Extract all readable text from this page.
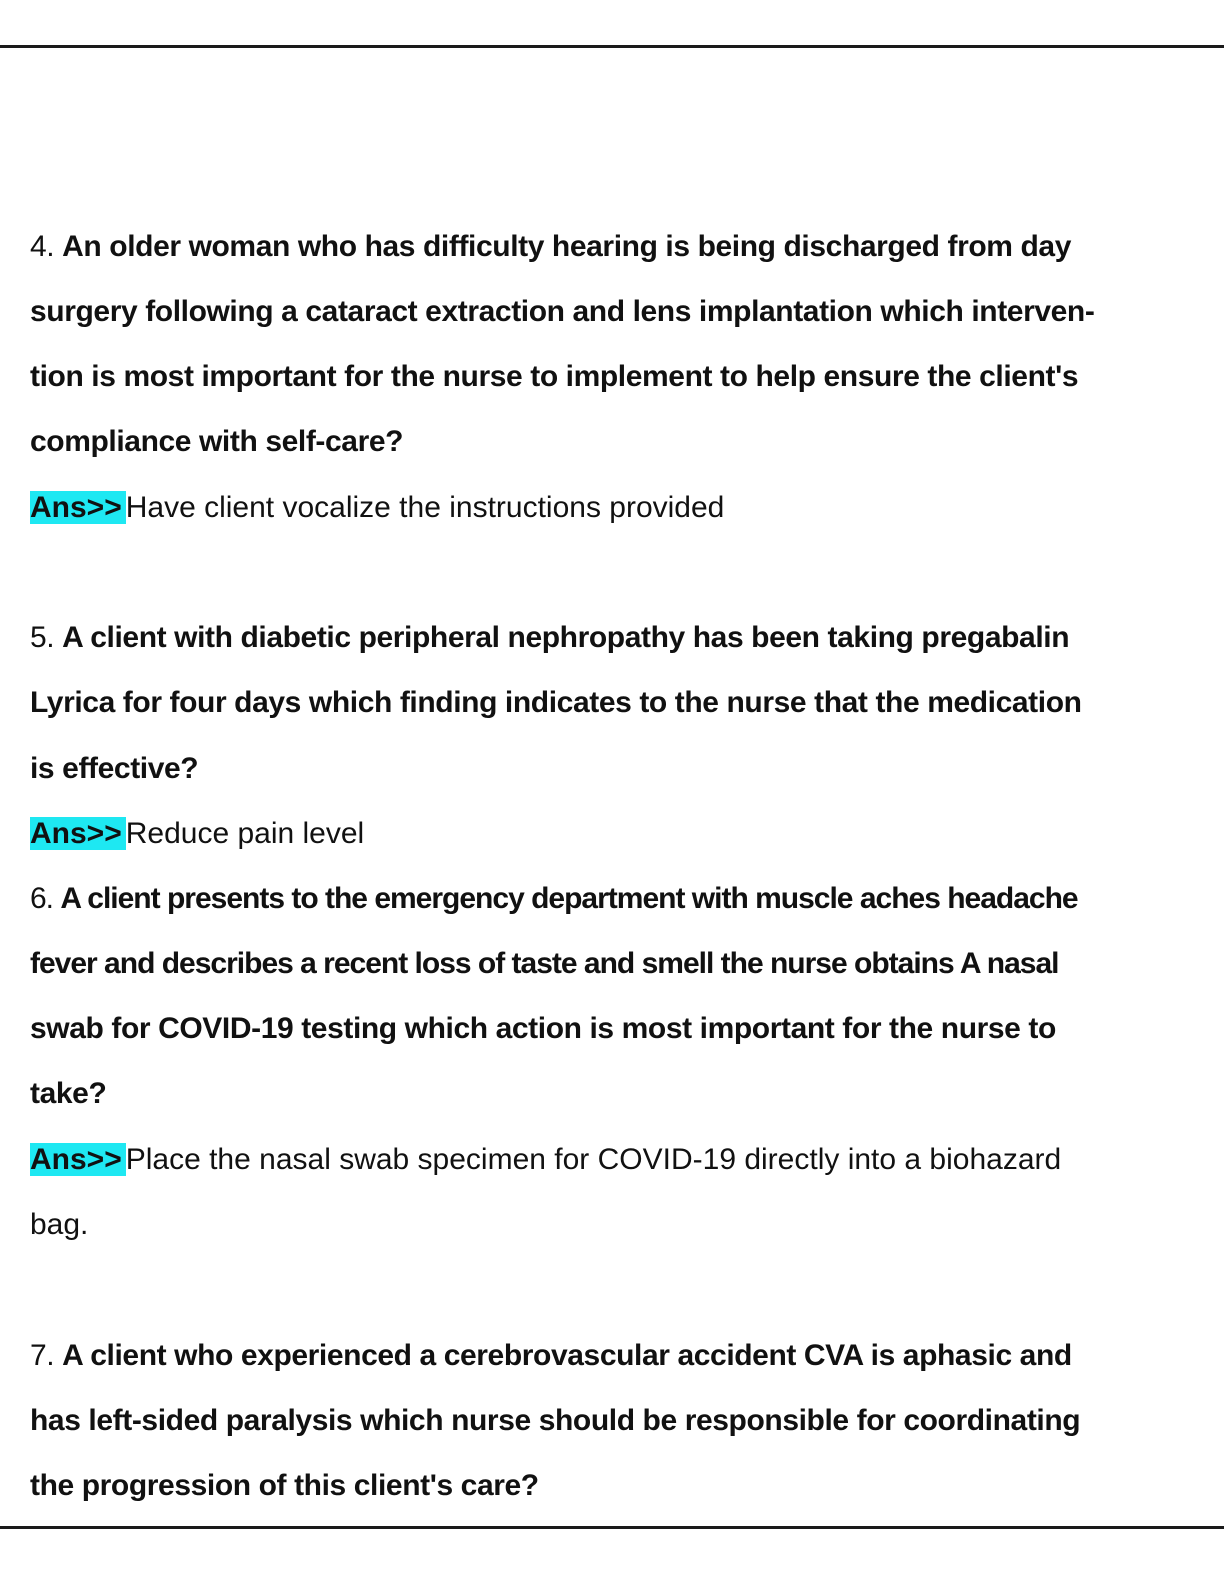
4. An older woman who has difficulty hearing is being discharged from day
surgery following a cataract extraction and lens implantation which interven-
tion is most important for the nurse to implement to help ensure the client's
compliance with self-care?
Ans>> Have client vocalize the instructions provided
5. A client with diabetic peripheral nephropathy has been taking pregabalin
Lyrica for four days which finding indicates to the nurse that the medication
is effective?
Ans>> Reduce pain level
6. A client presents to the emergency department with muscle aches headache
fever and describes a recent loss of taste and smell the nurse obtains A nasal
swab for COVID-19 testing which action is most important for the nurse to
take?
Ans>> Place the nasal swab specimen for COVID-19 directly into a biohazard
bag.
7. A client who experienced a cerebrovascular accident CVA is aphasic and
has left-sided paralysis which nurse should be responsible for coordinating
the progression of this client's care?
